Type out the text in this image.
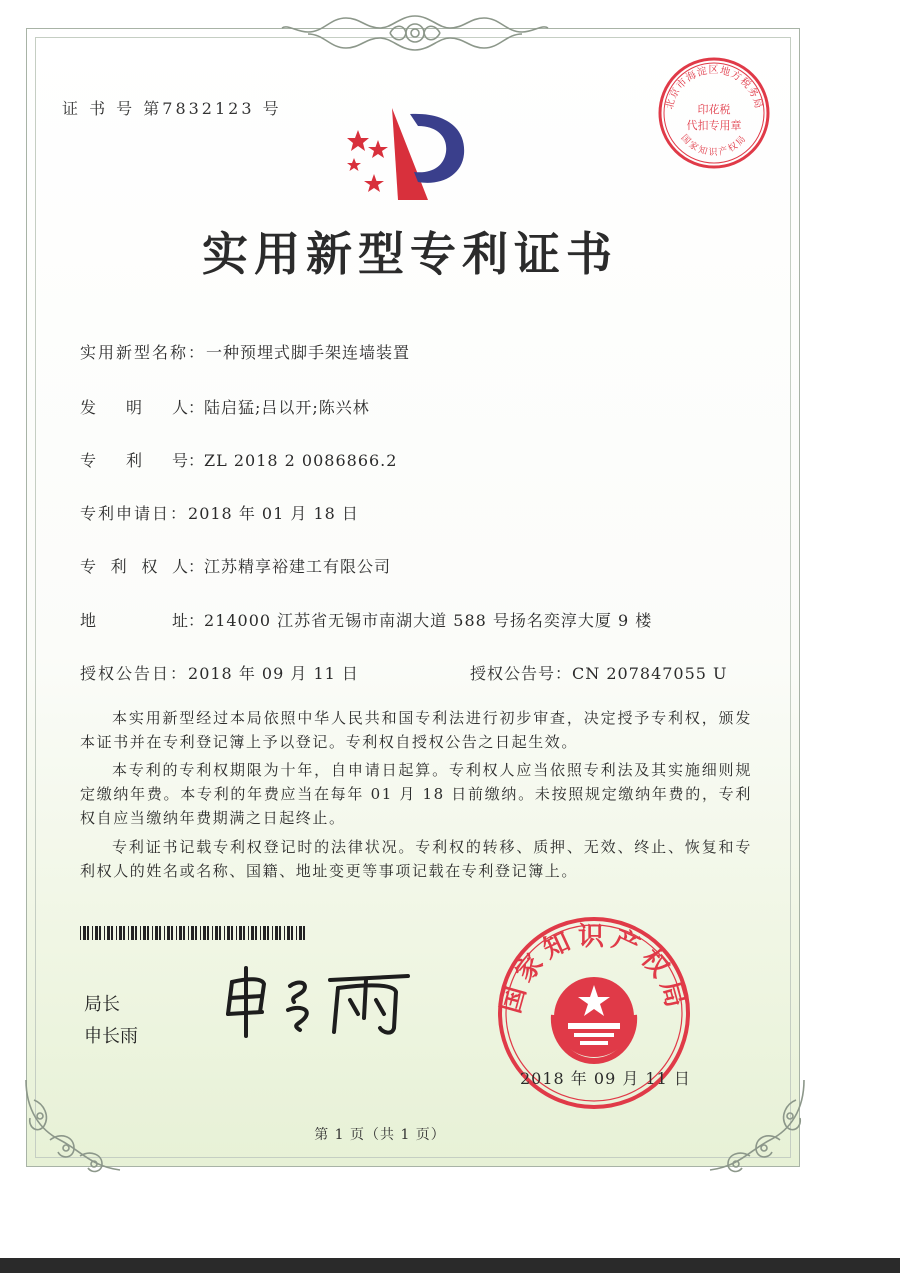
证 书 号 第7832123 号
实用新型专利证书
实用新型名称：一种预埋式脚手架连墙装置
发 明 人 ：陆启猛;吕以开;陈兴林
专 利 号 ：ZL 2018 2 0086866.2
专利申请日：2018 年 01 月 18 日
专 利 权 人 ：江苏精享裕建工有限公司
地	址 ：214000 江苏省无锡市南湖大道 588 号扬名奕淳大厦 9 楼
授权公告日：2018 年 09 月 11 日	授权公告号：CN 207847055 U
本实用新型经过本局依照中华人民共和国专利法进行初步审查，决定授予专利权，颁发本证书并在专利登记簿上予以登记。专利权自授权公告之日起生效。
本专利的专利权期限为十年，自申请日起算。专利权人应当依照专利法及其实施细则规定缴纳年费。本专利的年费应当在每年 01 月 18 日前缴纳。未按照规定缴纳年费的，专利权自应当缴纳年费期满之日起终止。
专利证书记载专利权登记时的法律状况。专利权的转移、质押、无效、终止、恢复和专利权人的姓名或名称、国籍、地址变更等事项记载在专利登记簿上。
局长
申长雨
国家知识产权局
2018 年 09 月 11 日
北京市海淀区地方税务局
国家知识产权局
印花税
代扣专用章
第 1 页（共 1 页）
